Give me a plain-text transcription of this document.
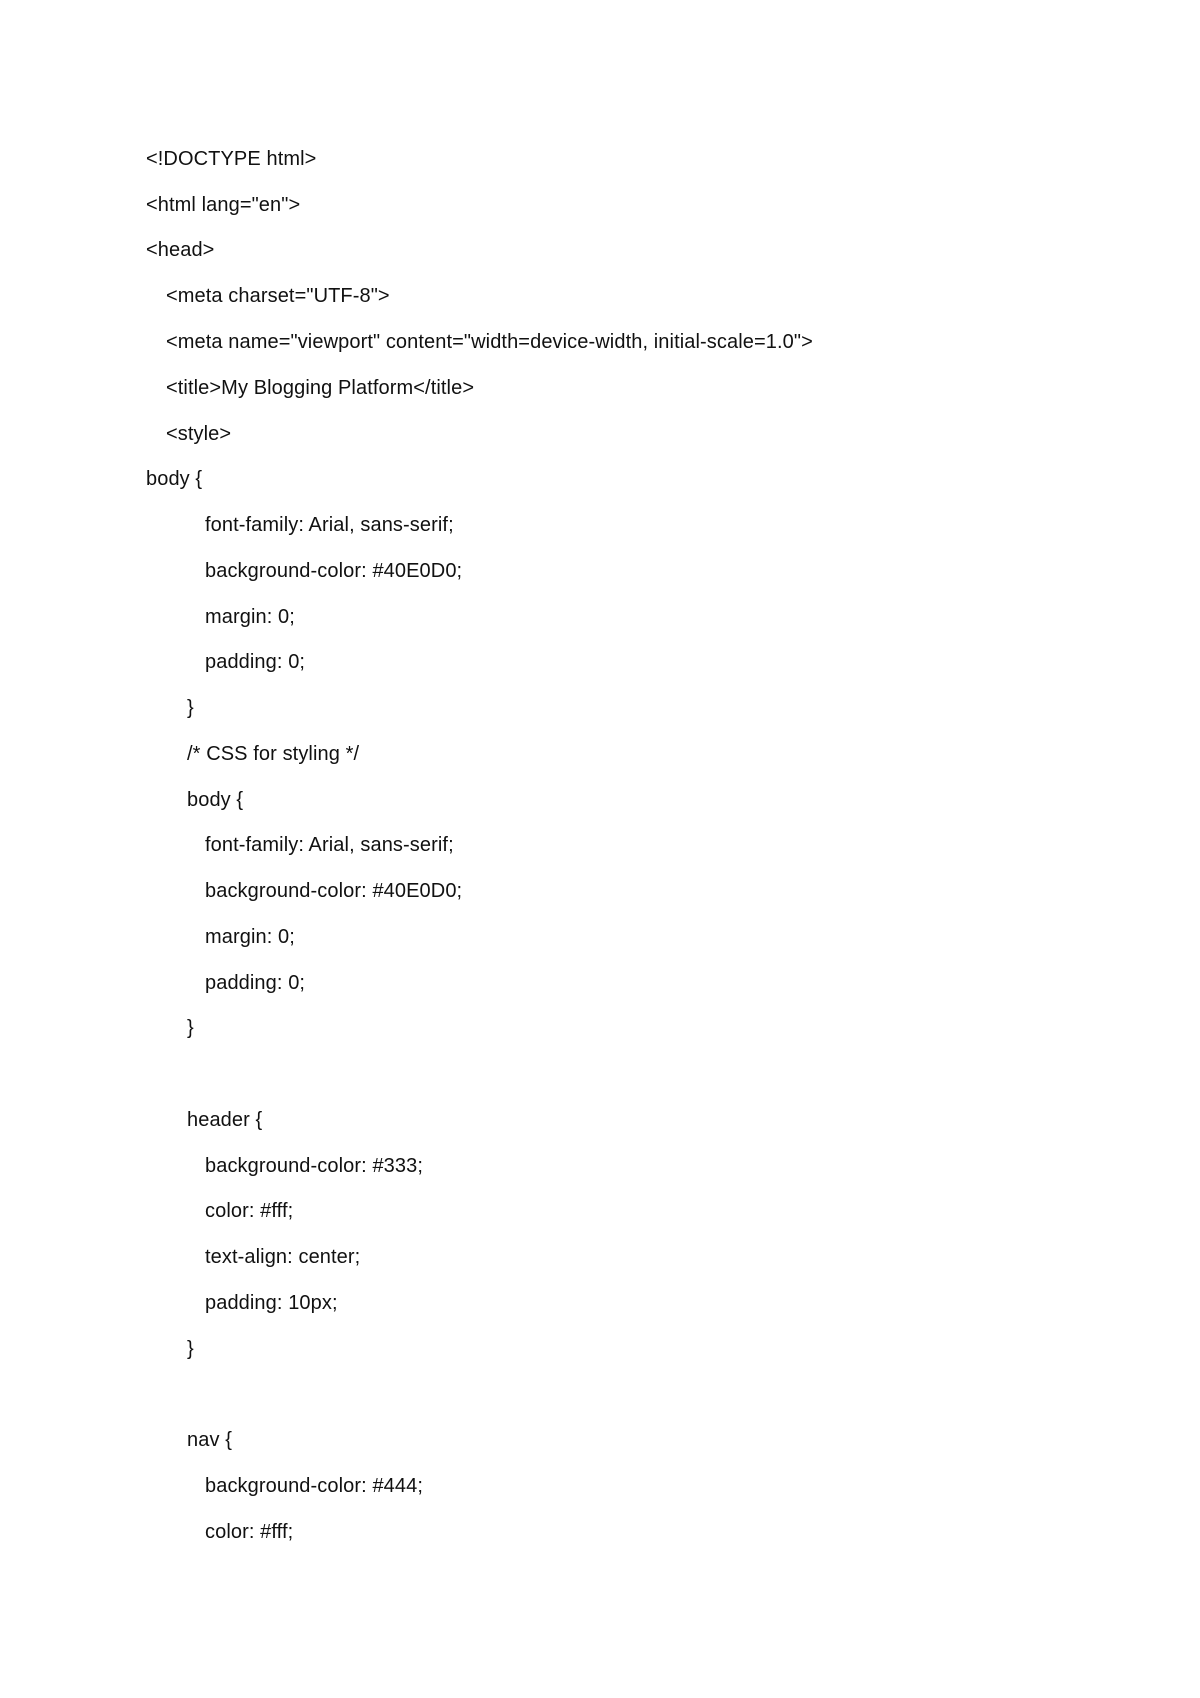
<!DOCTYPE html>
<html lang="en">
<head>
<meta charset="UTF-8">
<meta name="viewport" content="width=device-width, initial-scale=1.0">
<title>My Blogging Platform</title>
<style>
body {
font-family: Arial, sans-serif;
background-color: #40E0D0;
margin: 0;
padding: 0;
}
/* CSS for styling */
body {
font-family: Arial, sans-serif;
background-color: #40E0D0;
margin: 0;
padding: 0;
}
header {
background-color: #333;
color: #fff;
text-align: center;
padding: 10px;
}
nav {
background-color: #444;
color: #fff;
